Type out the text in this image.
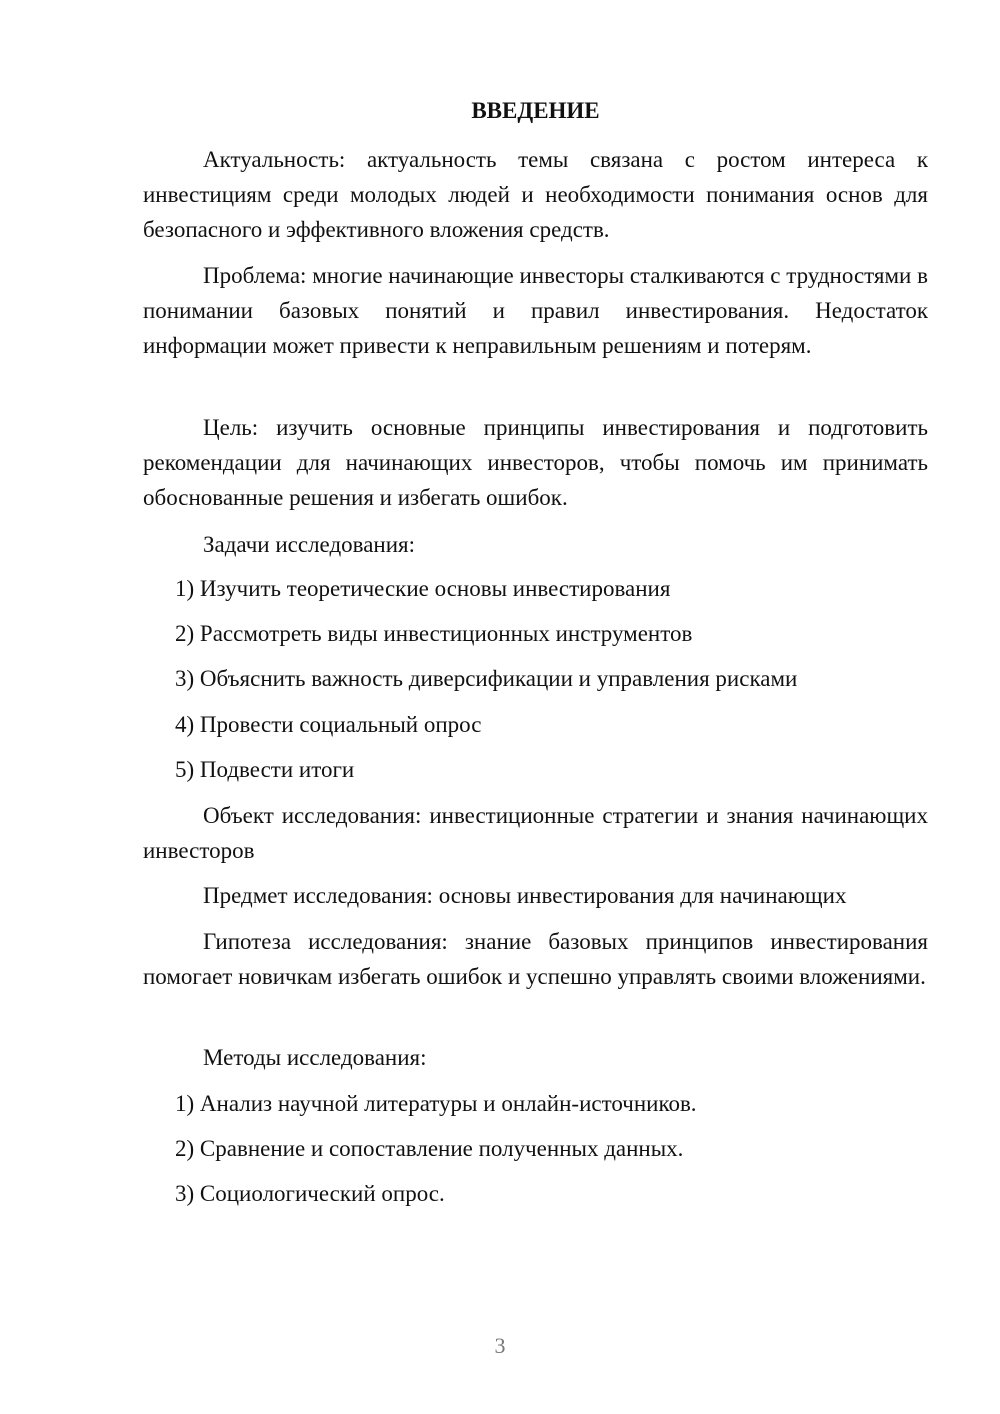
ВВЕДЕНИЕ

Актуальность: актуальность темы связана с ростом интереса к инвестициям среди молодых людей и необходимости понимания основ для безопасного и эффективного вложения средств.

Проблема: многие начинающие инвесторы сталкиваются с трудностями в понимании базовых понятий и правил инвестирования. Недостаток информации может привести к неправильным решениям и потерям.

Цель: изучить основные принципы инвестирования и подготовить рекомендации для начинающих инвесторов, чтобы помочь им принимать обоснованные решения и избегать ошибок.

Задачи исследования:

1) Изучить теоретические основы инвестирования

2) Рассмотреть виды инвестиционных инструментов

3) Объяснить важность диверсификации и управления рисками

4) Провести социальный опрос

5) Подвести итоги

Объект исследования: инвестиционные стратегии и знания начинающих инвесторов

Предмет исследования: основы инвестирования для начинающих

Гипотеза исследования: знание базовых принципов инвестирования помогает новичкам избегать ошибок и успешно управлять своими вложениями.

Методы исследования:

1) Анализ научной литературы и онлайн-источников.

2) Сравнение и сопоставление полученных данных.

3) Социологический опрос.

3
